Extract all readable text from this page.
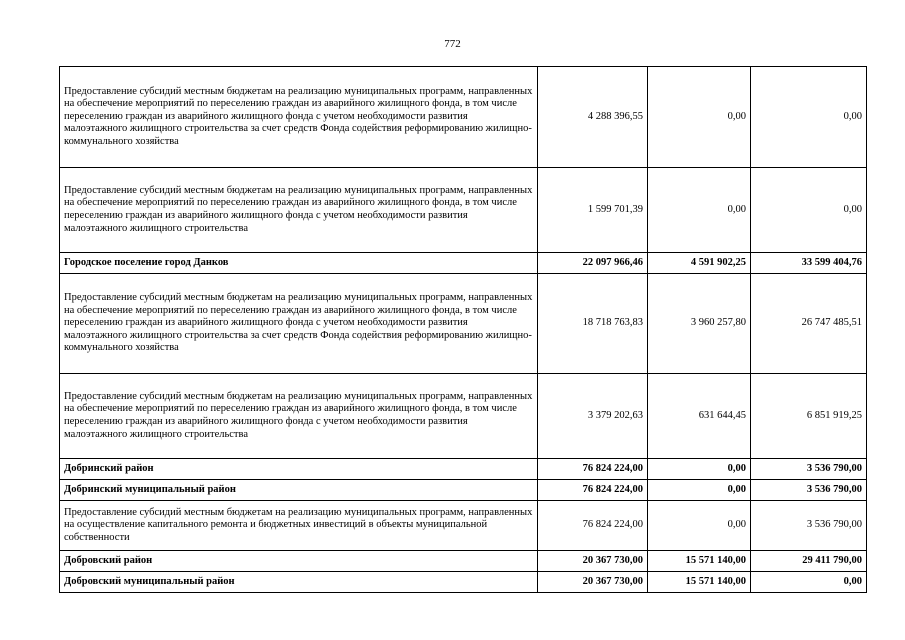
772
Предоставление субсидий местным бюджетам на реализацию муниципальных программ, направленных на обеспечение мероприятий по переселению граждан из аварийного жилищного фонда, в том числе переселению граждан из аварийного жилищного фонда с учетом необходимости развития малоэтажного жилищного строительства за счет средств Фонда содействия реформированию жилищно-коммунального хозяйства	4 288 396,55	0,00	0,00
Предоставление субсидий местным бюджетам на реализацию муниципальных программ, направленных на обеспечение мероприятий по переселению граждан из аварийного жилищного фонда, в том числе переселению граждан из аварийного жилищного фонда с учетом необходимости развития малоэтажного жилищного строительства	1 599 701,39	0,00	0,00
Городское поселение город Данков	22 097 966,46	4 591 902,25	33 599 404,76
Предоставление субсидий местным бюджетам на реализацию муниципальных программ, направленных на обеспечение мероприятий по переселению граждан из аварийного жилищного фонда, в том числе переселению граждан из аварийного жилищного фонда с учетом необходимости развития малоэтажного жилищного строительства за счет средств Фонда содействия реформированию жилищно-коммунального хозяйства	18 718 763,83	3 960 257,80	26 747 485,51
Предоставление субсидий местным бюджетам на реализацию муниципальных программ, направленных на обеспечение мероприятий по переселению граждан из аварийного жилищного фонда, в том числе переселению граждан из аварийного жилищного фонда с учетом необходимости развития малоэтажного жилищного строительства	3 379 202,63	631 644,45	6 851 919,25
Добринский район	76 824 224,00	0,00	3 536 790,00
Добринский муниципальный район	76 824 224,00	0,00	3 536 790,00
Предоставление субсидий местным бюджетам на реализацию муниципальных программ, направленных на осуществление капитального ремонта и бюджетных инвестиций в объекты муниципальной собственности	76 824 224,00	0,00	3 536 790,00
Добровский район	20 367 730,00	15 571 140,00	29 411 790,00
Добровский муниципальный район	20 367 730,00	15 571 140,00	0,00
